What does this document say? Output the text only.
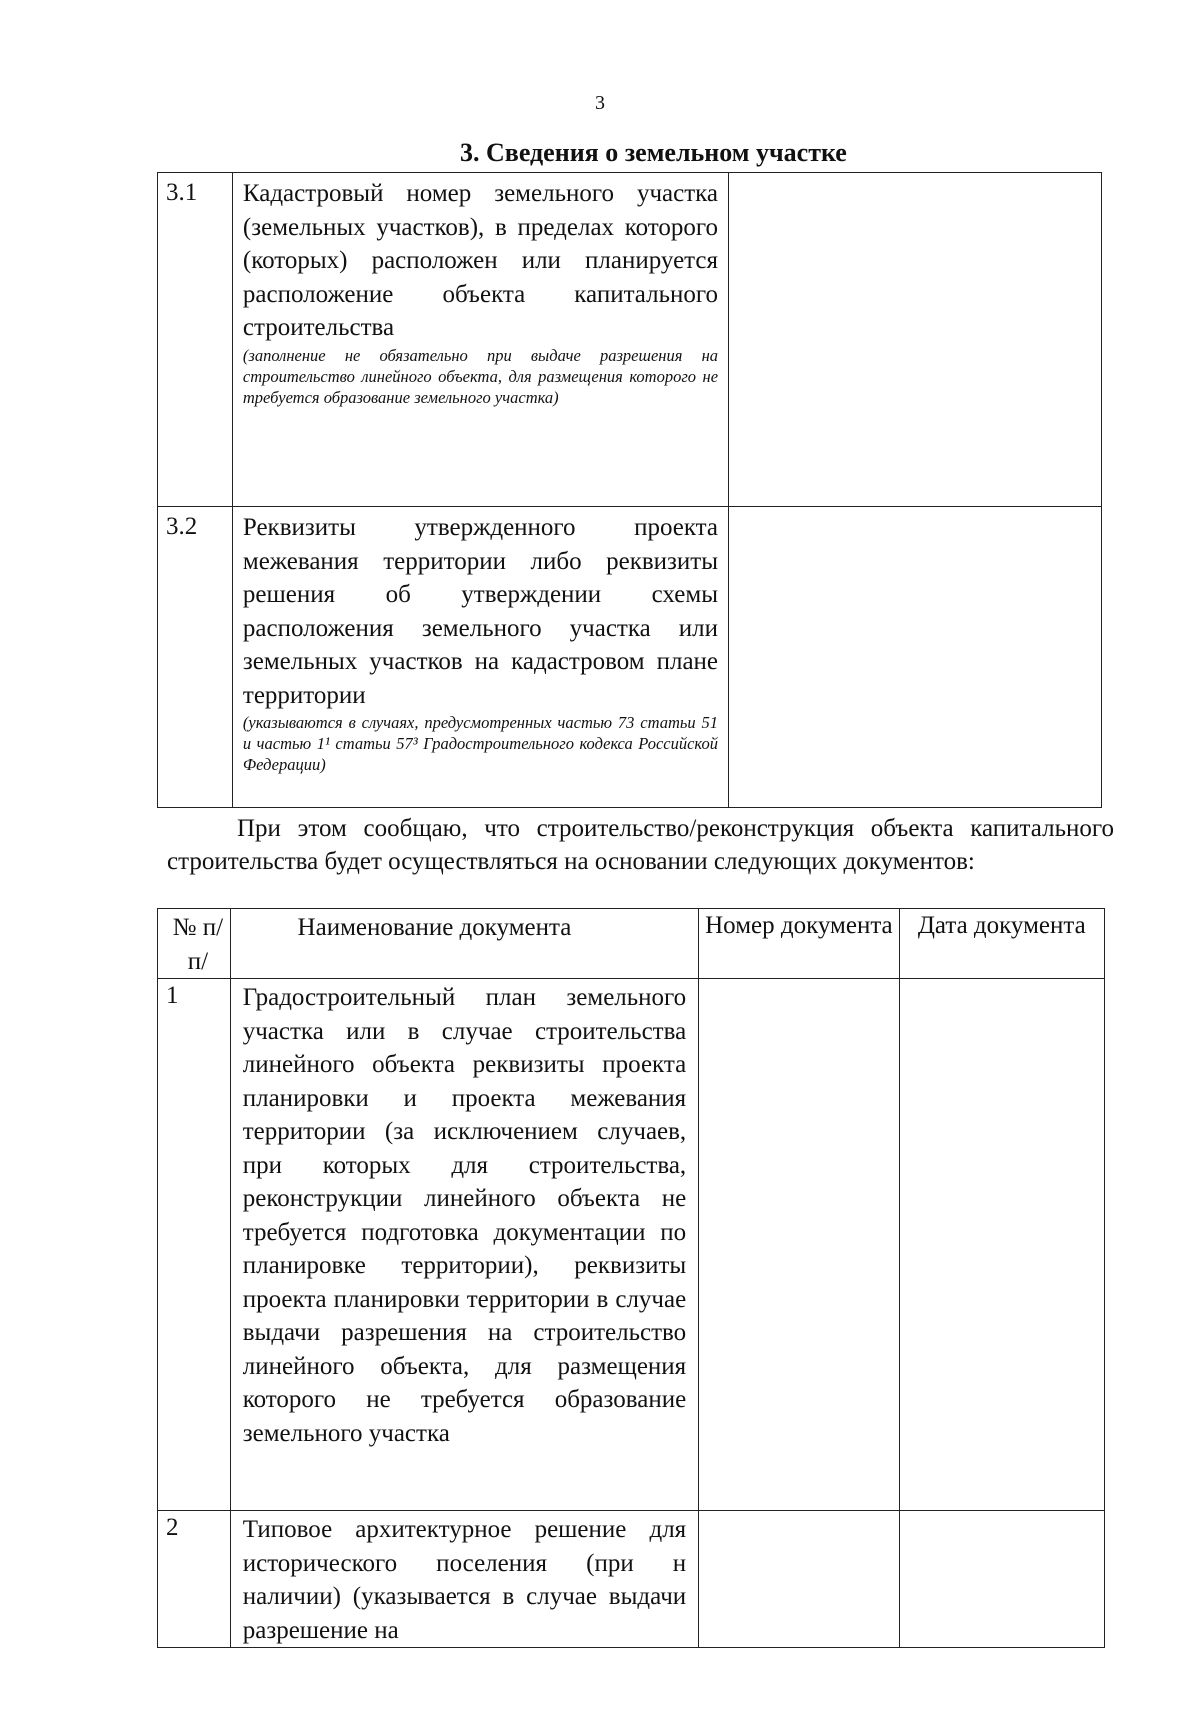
3
3. Сведения о земельном участке
3.1	Кадастровый номер земельного участка (земельных участков), в пределах которого (которых) расположен или планируется расположение объекта капитального строительства
(заполнение не обязательно при выдаче разрешения на строительство линейного объекта, для размещения которого не требуется образование земельного участка)	

3.2	Реквизиты утвержденного проекта межевания территории либо реквизиты решения об утверждении схемы расположения земельного участка или земельных участков на кадастровом плане территории
(указываются в случаях, предусмотренных частью 73 статьи 51 и частью 1¹ статьи 57³ Градостроительного кодекса Российской Федерации)	

При этом сообщаю, что строительство/реконструкция объекта капитального строительства будет осуществляться на основании следующих документов:
№ п/п/	Наименование документа	Номер документа	Дата документа
1	Градостроительный план земельного участка или в случае строительства линейного объекта реквизиты проекта планировки и проекта межевания территории (за исключением случаев, при которых для строительства, реконструкции линейного объекта не требуется подготовка документации по планировке территории), реквизиты проекта планировки территории в случае выдачи разрешения на строительство линейного объекта, для размещения которого не требуется образование земельного участка		
2	Типовое архитектурное решение для исторического поселения (при н наличии) (указывается в случае выдачи разрешение на		
